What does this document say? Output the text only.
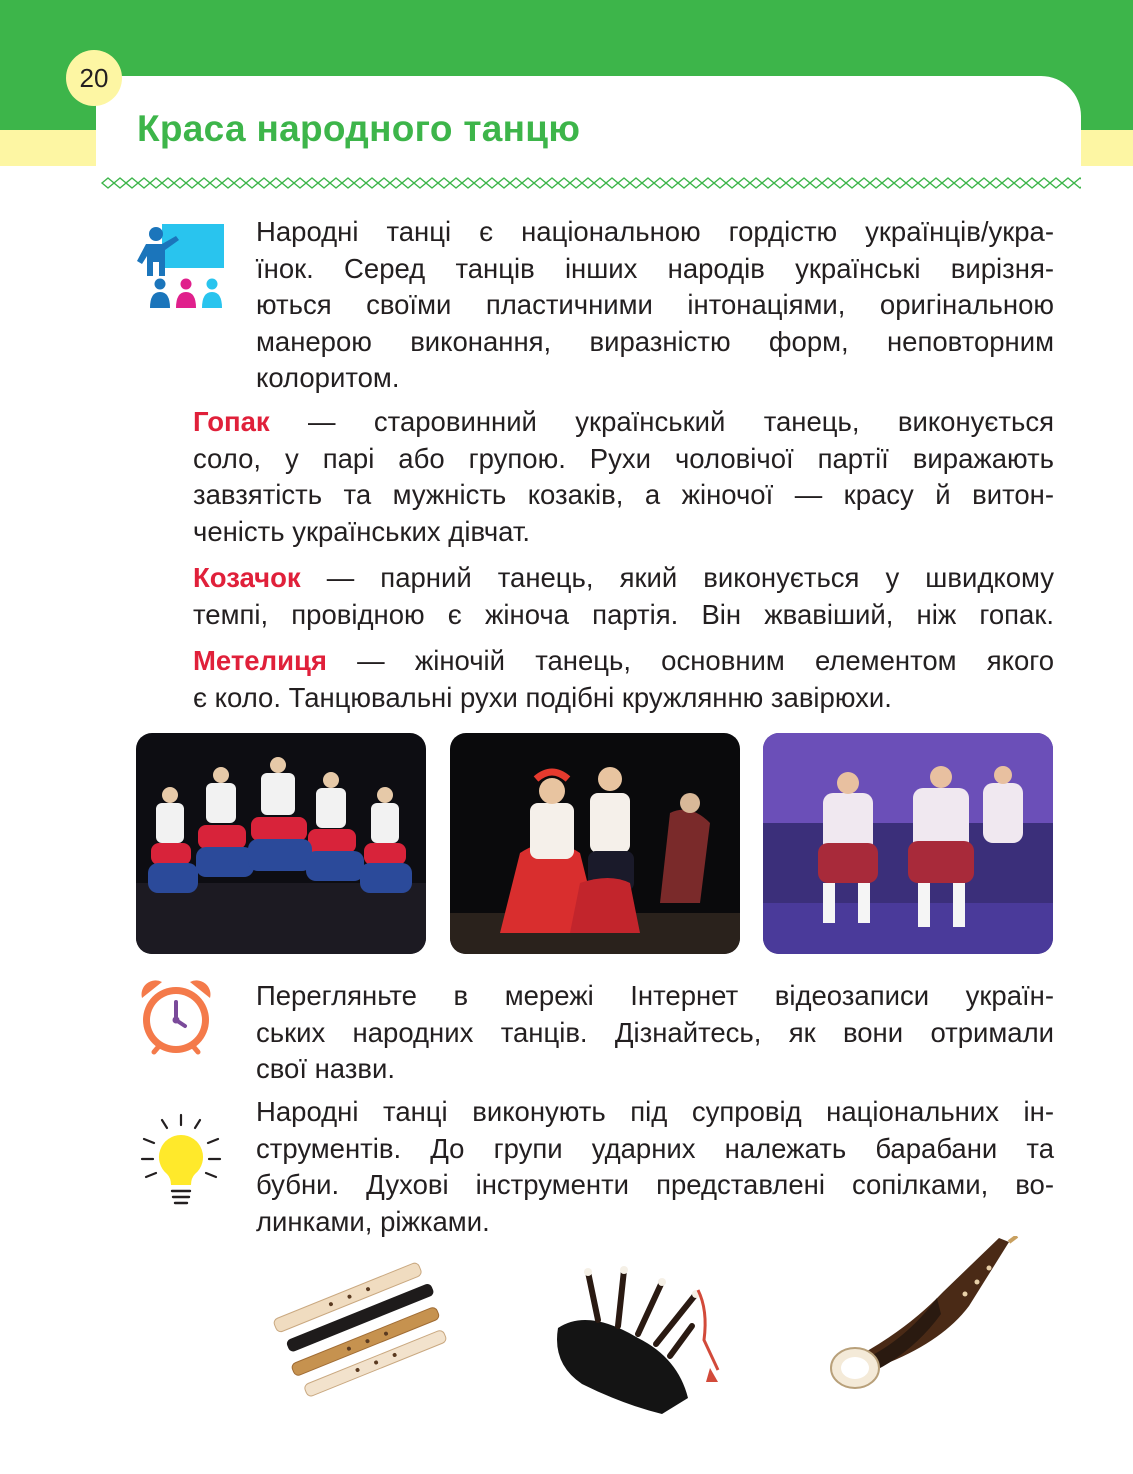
20
Краса народного танцю
Народні танці є національною гордістю українців/укра-
їнок. Серед танців інших народів українські вирізня-
ються своїми пластичними інтонаціями, оригінальною
манерою виконання, виразністю форм, неповторним
колоритом.
Гопак — старовинний український танець, виконується
соло, у парі або групою. Рухи чоловічої партії виражають
завзятість та мужність козаків, а жіночої — красу й витон-
ченість українських дівчат.
Козачок — парний танець, який виконується у швидкому
темпі, провідною є жіноча партія. Він жвавіший, ніж гопак.
Метелиця — жіночій танець, основним елементом якого
є коло. Танцювальні рухи подібні кружлянню завірюхи.
Перегляньте в мережі Інтернет відеозаписи україн-
ських народних танців. Дізнайтесь, як вони отримали
свої назви.
Народні танці виконують під супровід національних ін-
струментів. До групи ударних належать барабани та
бубни. Духові інструменти представлені сопілками, во-
линками, ріжками.
